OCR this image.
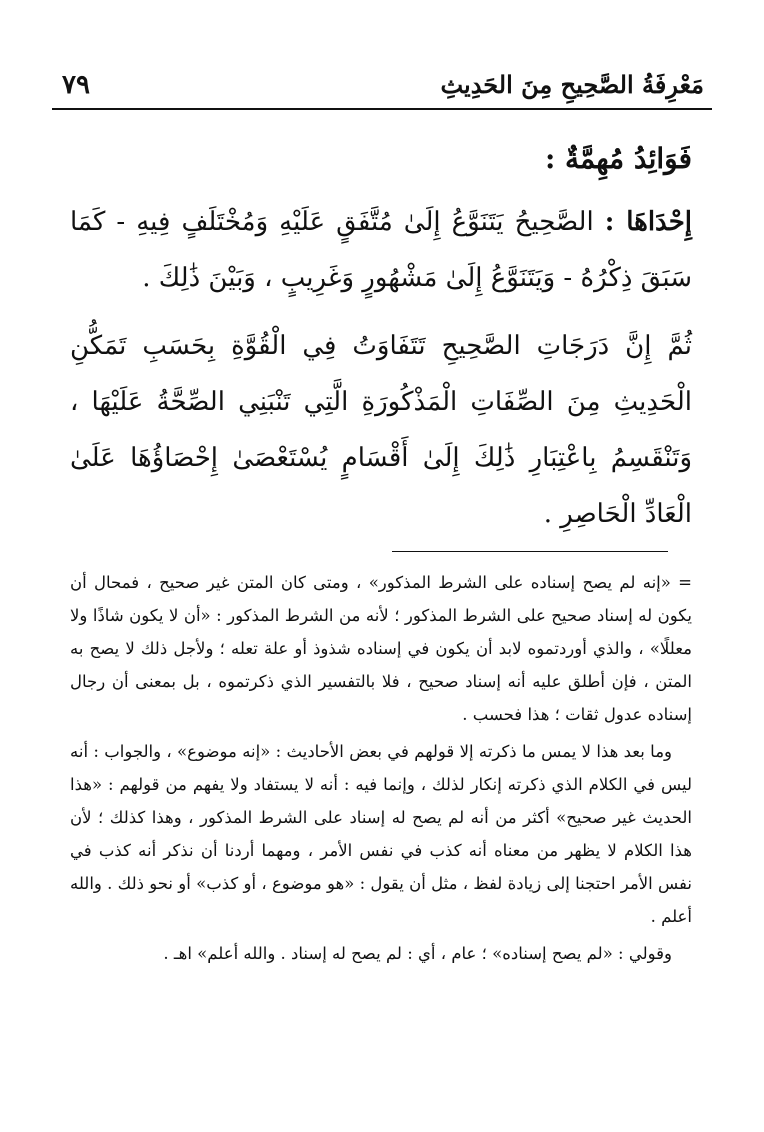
مَعْرِفَةُ الصَّحِيحِ مِنَ الحَدِيثِ
٧٩
فَوَائِدُ مُهِمَّةٌ :

إِحْدَاهَا : الصَّحِيحُ يَتَنَوَّعُ إِلَىٰ مُتَّفَقٍ عَلَيْهِ وَمُخْتَلَفٍ فِيهِ - كَمَا سَبَقَ ذِكْرُهُ - وَيَتَنَوَّعُ إِلَىٰ مَشْهُورٍ وَغَرِيبٍ ، وَبَيْنَ ذَٰلِكَ .

ثُمَّ إِنَّ دَرَجَاتِ الصَّحِيحِ تَتَفَاوَتُ فِي الْقُوَّةِ بِحَسَبِ تَمَكُّنِ الْحَدِيثِ مِنَ الصِّفَاتِ الْمَذْكُورَةِ الَّتِي تَنْبَنِي الصِّحَّةُ عَلَيْهَا ، وَتَنْقَسِمُ بِاعْتِبَارِ ذَٰلِكَ إِلَىٰ أَقْسَامٍ يُسْتَعْصَىٰ إِحْصَاؤُهَا عَلَىٰ الْعَادِّ الْحَاصِرِ .

= «إنه لم يصح إسناده على الشرط المذكور» ، ومتى كان المتن غير صحيح ، فمحال أن يكون له إسناد صحيح على الشرط المذكور ؛ لأنه من الشرط المذكور : «أن لا يكون شاذًا ولا معللًا» ، والذي أوردتموه لابد أن يكون في إسناده شذوذ أو علة تعله ؛ ولأجل ذلك لا يصح به المتن ، فإن أطلق عليه أنه إسناد صحيح ، فلا بالتفسير الذي ذكرتموه ، بل بمعنى أن رجال إسناده عدول ثقات ؛ هذا فحسب .

وما بعد هذا لا يمس ما ذكرته إلا قولهم في بعض الأحاديث : «إنه موضوع» ، والجواب : أنه ليس في الكلام الذي ذكرته إنكار لذلك ، وإنما فيه : أنه لا يستفاد ولا يفهم من قولهم : «هذا الحديث غير صحيح» أكثر من أنه لم يصح له إسناد على الشرط المذكور ، وهذا كذلك ؛ لأن هذا الكلام لا يظهر من معناه أنه كذب في نفس الأمر ، ومهما أردنا أن نذكر أنه كذب في نفس الأمر احتجنا إلى زيادة لفظ ، مثل أن يقول : «هو موضوع ، أو كذب» أو نحو ذلك . والله أعلم .

وقولي : «لم يصح إسناده» ؛ عام ، أي : لم يصح له إسناد . والله أعلم» اهـ .
